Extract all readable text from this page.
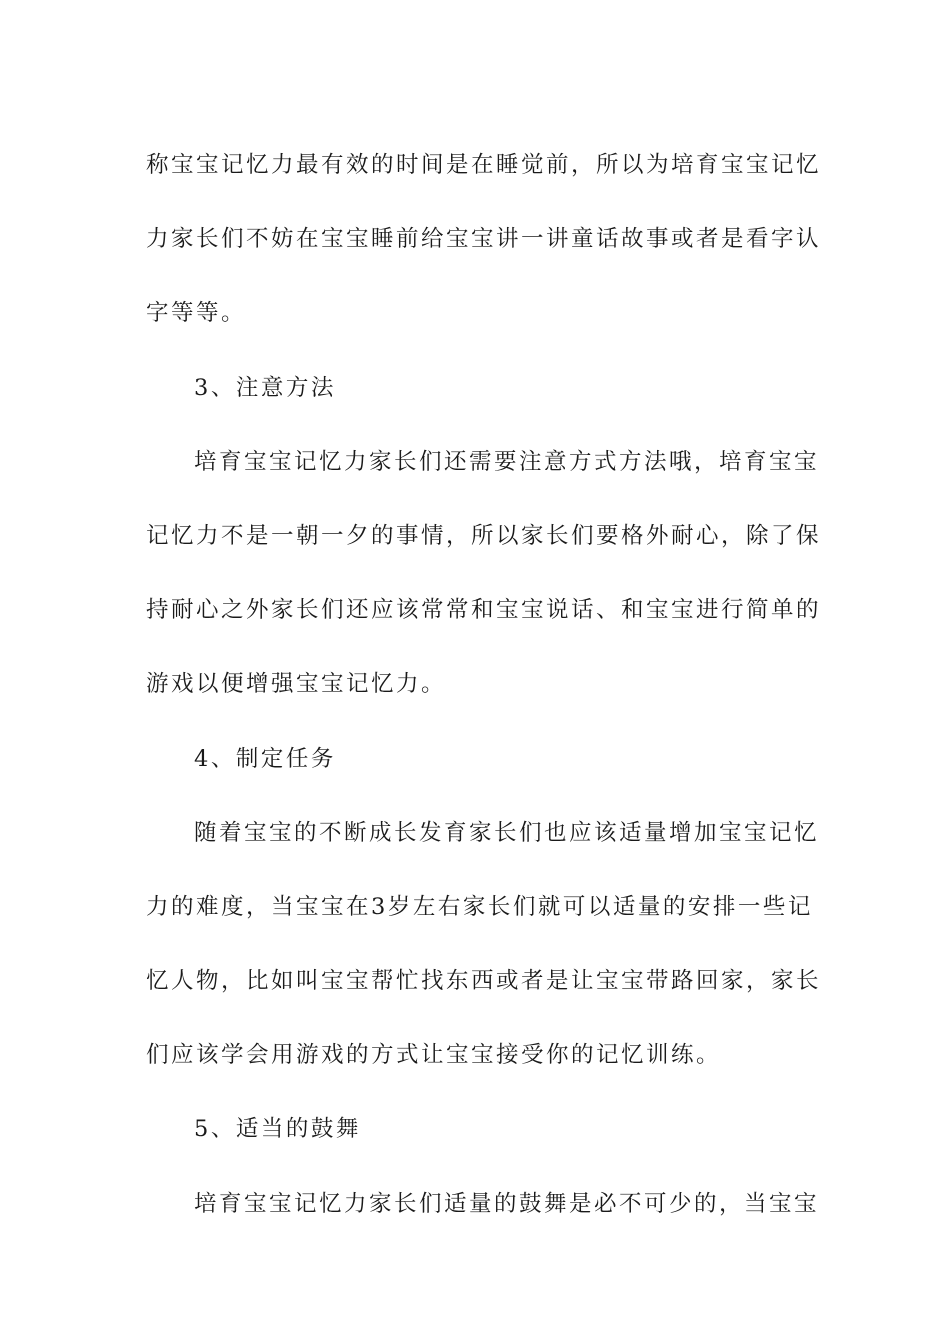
称宝宝记忆力最有效的时间是在睡觉前，所以为培育宝宝记忆
力家长们不妨在宝宝睡前给宝宝讲一讲童话故事或者是看字认
字等等。
3、注意方法
培育宝宝记忆力家长们还需要注意方式方法哦，培育宝宝
记忆力不是一朝一夕的事情，所以家长们要格外耐心，除了保
持耐心之外家长们还应该常常和宝宝说话、和宝宝进行简单的
游戏以便增强宝宝记忆力。
4、制定任务
随着宝宝的不断成长发育家长们也应该适量增加宝宝记忆
力的难度，当宝宝在3岁左右家长们就可以适量的安排一些记
忆人物，比如叫宝宝帮忙找东西或者是让宝宝带路回家，家长
们应该学会用游戏的方式让宝宝接受你的记忆训练。
5、适当的鼓舞
培育宝宝记忆力家长们适量的鼓舞是必不可少的，当宝宝
